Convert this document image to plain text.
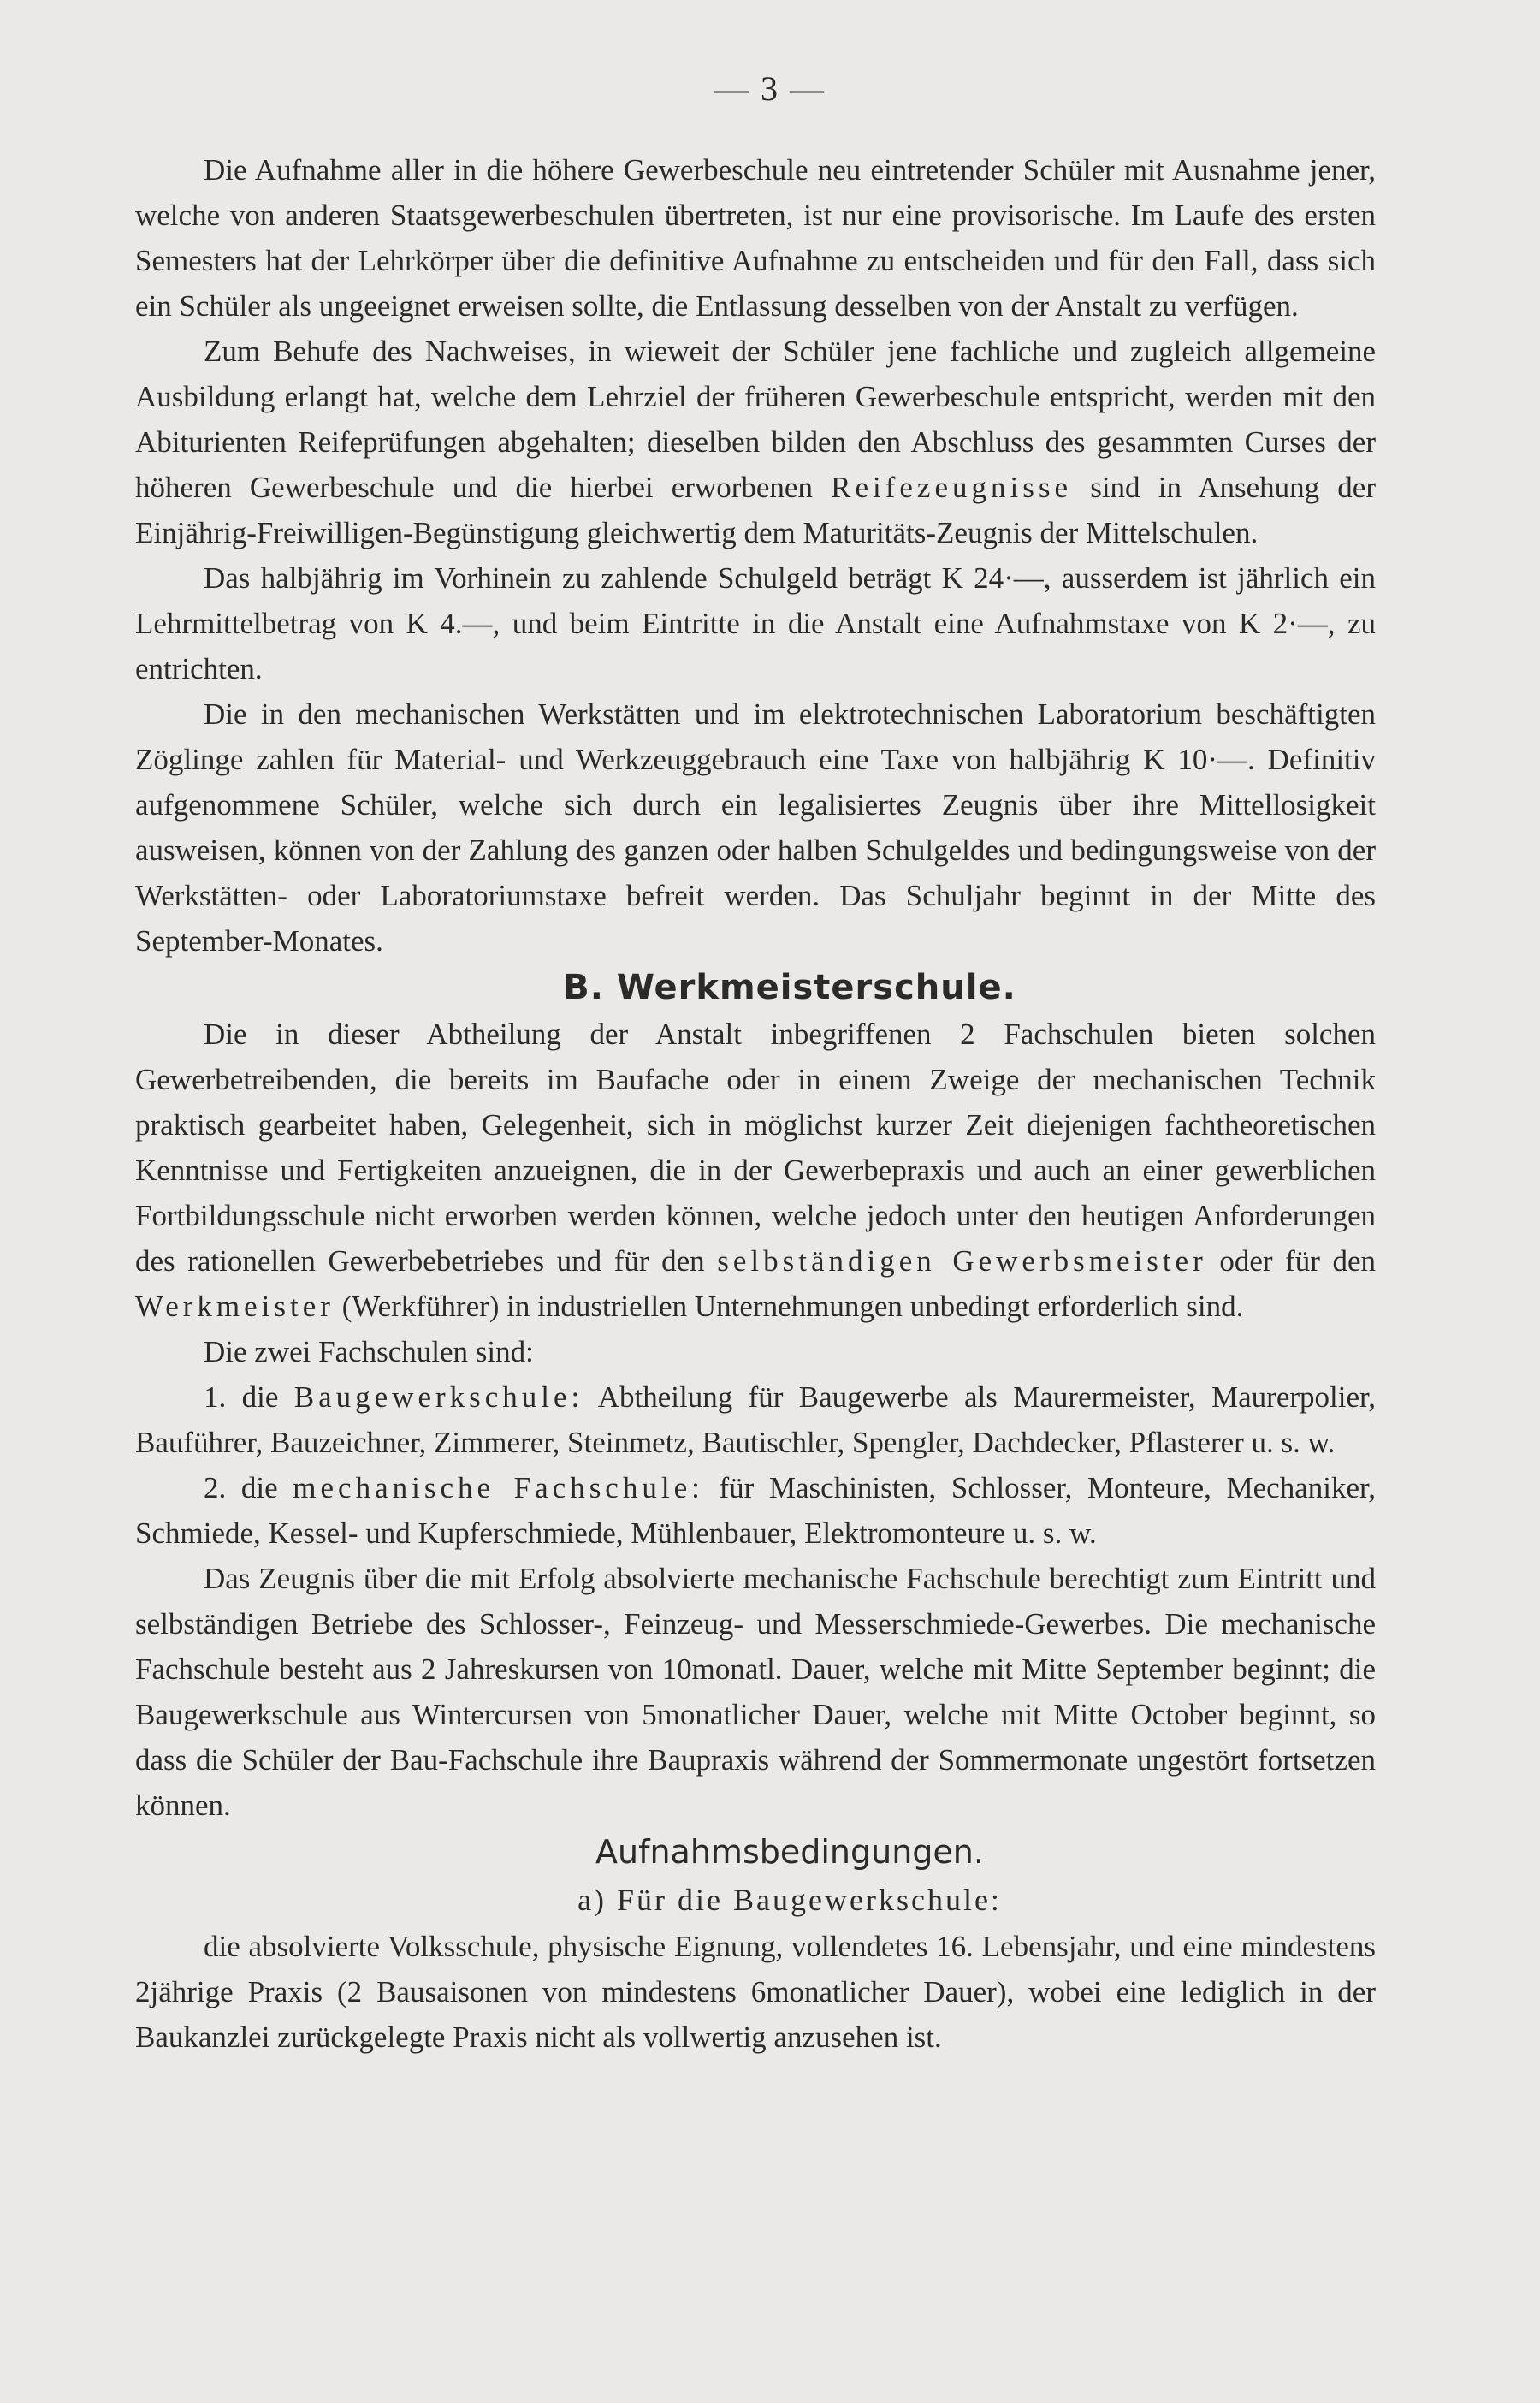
— 3 —

Die Aufnahme aller in die höhere Gewerbeschule neu eintretender Schüler mit Ausnahme jener, welche von anderen Staatsgewerbeschulen übertreten, ist nur eine provisorische. Im Laufe des ersten Semesters hat der Lehrkörper über die definitive Aufnahme zu entscheiden und für den Fall, dass sich ein Schüler als ungeeignet erweisen sollte, die Entlassung desselben von der Anstalt zu verfügen.

Zum Behufe des Nachweises, in wieweit der Schüler jene fachliche und zugleich allgemeine Ausbildung erlangt hat, welche dem Lehrziel der früheren Gewerbeschule entspricht, werden mit den Abiturienten Reifeprüfungen abgehalten; dieselben bilden den Abschluss des gesammten Curses der höheren Gewerbeschule und die hierbei erworbenen Reifezeugnisse sind in Ansehung der Einjährig-Freiwilligen-Begünstigung gleichwertig dem Maturitäts-Zeugnis der Mittelschulen.

Das halbjährig im Vorhinein zu zahlende Schulgeld beträgt K 24·—, ausserdem ist jährlich ein Lehrmittelbetrag von K 4.—, und beim Eintritte in die Anstalt eine Aufnahmstaxe von K 2·—, zu entrichten.

Die in den mechanischen Werkstätten und im elektrotechnischen Laboratorium beschäftigten Zöglinge zahlen für Material- und Werkzeuggebrauch eine Taxe von halbjährig K 10·—. Definitiv aufgenommene Schüler, welche sich durch ein legalisiertes Zeugnis über ihre Mittellosigkeit ausweisen, können von der Zahlung des ganzen oder halben Schulgeldes und bedingungsweise von der Werkstätten- oder Laboratoriumstaxe befreit werden. Das Schuljahr beginnt in der Mitte des September-Monates.

B. Werkmeisterschule.

Die in dieser Abtheilung der Anstalt inbegriffenen 2 Fachschulen bieten solchen Gewerbetreibenden, die bereits im Baufache oder in einem Zweige der mechanischen Technik praktisch gearbeitet haben, Gelegenheit, sich in möglichst kurzer Zeit diejenigen fachtheoretischen Kenntnisse und Fertigkeiten anzueignen, die in der Gewerbepraxis und auch an einer gewerblichen Fortbildungsschule nicht erworben werden können, welche jedoch unter den heutigen Anforderungen des rationellen Gewerbebetriebes und für den selbständigen Gewerbsmeister oder für den Werkmeister (Werkführer) in industriellen Unternehmungen unbedingt erforderlich sind.

Die zwei Fachschulen sind:

1. die Baugewerkschule: Abtheilung für Baugewerbe als Maurermeister, Maurerpolier, Bauführer, Bauzeichner, Zimmerer, Steinmetz, Bautischler, Spengler, Dachdecker, Pflasterer u. s. w.

2. die mechanische Fachschule: für Maschinisten, Schlosser, Monteure, Mechaniker, Schmiede, Kessel- und Kupferschmiede, Mühlenbauer, Elektromonteure u. s. w.

Das Zeugnis über die mit Erfolg absolvierte mechanische Fachschule berechtigt zum Eintritt und selbständigen Betriebe des Schlosser-, Feinzeug- und Messerschmiede-Gewerbes. Die mechanische Fachschule besteht aus 2 Jahreskursen von 10monatl. Dauer, welche mit Mitte September beginnt; die Baugewerkschule aus Wintercursen von 5monatlicher Dauer, welche mit Mitte October beginnt, so dass die Schüler der Bau-Fachschule ihre Baupraxis während der Sommermonate ungestört fortsetzen können.

Aufnahmsbedingungen.

a) Für die Baugewerkschule:

die absolvierte Volksschule, physische Eignung, vollendetes 16. Lebensjahr, und eine mindestens 2jährige Praxis (2 Bausaisonen von mindestens 6monatlicher Dauer), wobei eine lediglich in der Baukanzlei zurückgelegte Praxis nicht als vollwertig anzusehen ist.
